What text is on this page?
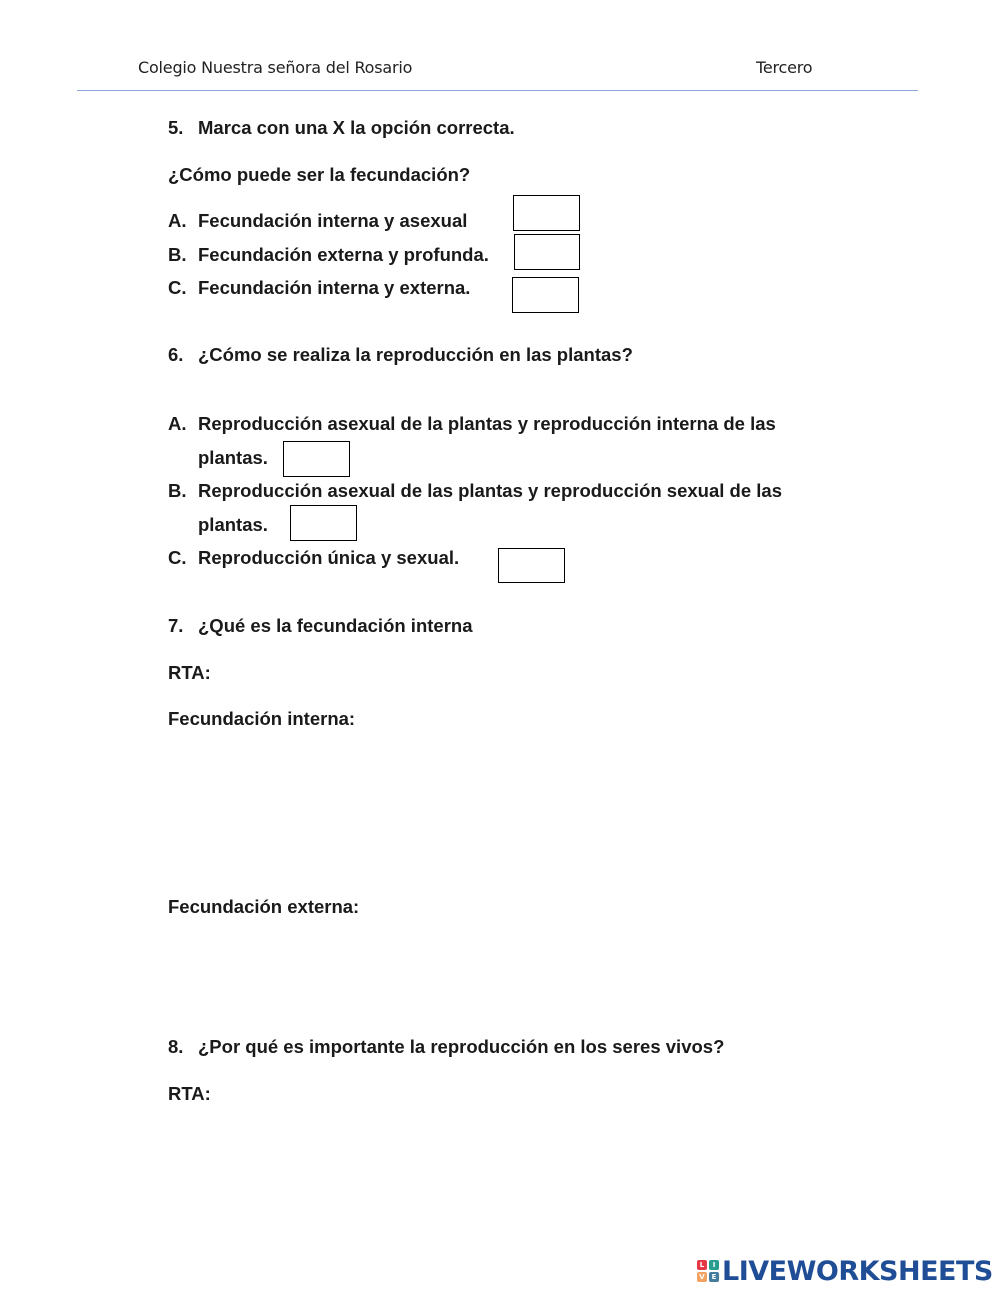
Colegio Nuestra señora del Rosario	Tercero
5. Marca con una X la opción correcta.
¿Cómo puede ser la fecundación?
A. Fecundación interna y asexual
B. Fecundación externa y profunda.
C. Fecundación interna y externa.
6. ¿Cómo se realiza la reproducción en las plantas?
A. Reproducción asexual de la plantas y reproducción interna de las
plantas.
B. Reproducción asexual de las plantas y reproducción sexual de las
plantas.
C. Reproducción única y sexual.
7. ¿Qué es la fecundación interna
RTA:
Fecundación interna:
Fecundación externa:
8. ¿Por qué es importante la reproducción en los seres vivos?
RTA:
L	I
V E LIVEWORKSHEETS
